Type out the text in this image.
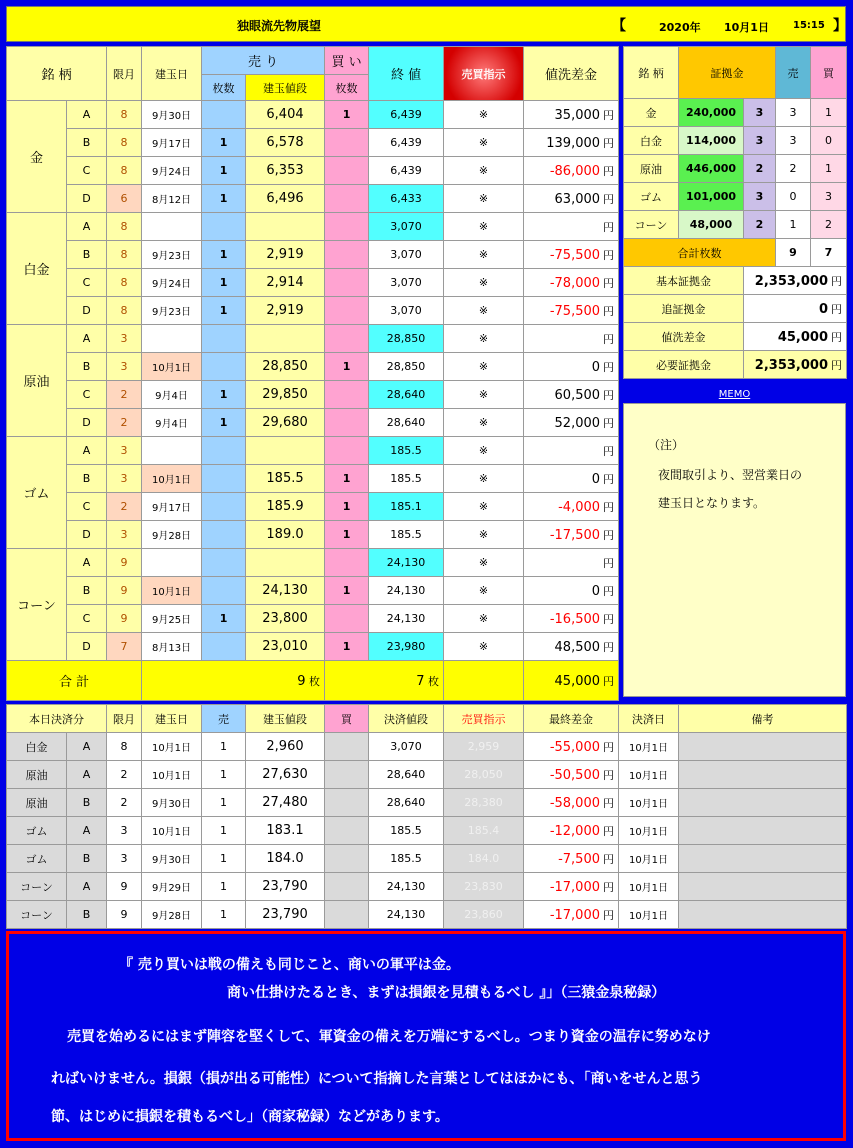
独眼流先物展望	【	2020年 10月1日 15:15 】
銘 柄		限月	建玉日	売 り		買 い	終 値	売買指示	値洗差金
				枚数	建玉値段	枚数			
金	A	8	9月30日		6,404	1	6,439	※	35,000 円
	B	8	9月17日	1	6,578		6,439	※	139,000 円
	C	8	9月24日	1	6,353		6,439	※	-86,000 円
	D	6	8月12日	1	6,496		6,433	※	63,000 円
白金	A	8					3,070	※	円
	B	8	9月23日	1	2,919		3,070	※	-75,500 円
	C	8	9月24日	1	2,914		3,070	※	-78,000 円
	D	8	9月23日	1	2,919		3,070	※	-75,500 円
原油	A	3					28,850	※	円
	B	3	10月1日		28,850	1	28,850	※	0 円
	C	2	9月4日	1	29,850		28,640	※	60,500 円
	D	2	9月4日	1	29,680		28,640	※	52,000 円
ゴム	A	3					185.5	※	円
	B	3	10月1日		185.5	1	185.5	※	0 円
	C	2	9月17日		185.9	1	185.1	※	-4,000 円
	D	3	9月28日		189.0	1	185.5	※	-17,500 円
コーン	A	9					24,130	※	円
	B	9	10月1日		24,130	1	24,130	※	0 円
	C	9	9月25日	1	23,800		24,130	※	-16,500 円
	D	7	8月13日		23,010	1	23,980	※	48,500 円
合 計			9 枚			7 枚			45,000 円
銘 柄	証拠金		売	買
金	240,000	3	3	1
白金	114,000	3	3	0
原油	446,000	2	2	1
ゴム	101,000	3	0	3
コーン	48,000	2	1	2
合計枚数			9	7
基本証拠金		2,353,000 円		
追証拠金		0 円		
値洗差金		45,000 円		
必要証拠金		2,353,000 円		
MEMO
（注）
夜間取引より、翌営業日の
建玉日となります。
本日決済分		限月	建玉日	売	建玉値段	買	決済値段	売買指示	最終差金	決済日	備考
白金	A	8	10月1日	1	2,960		3,070	2,959	-55,000 円	10月1日	
原油	A	2	10月1日	1	27,630		28,640	28,050	-50,500 円	10月1日	
原油	B	2	9月30日	1	27,480		28,640	28,380	-58,000 円	10月1日	
ゴム	A	3	10月1日	1	183.1		185.5	185.4	-12,000 円	10月1日	
ゴム	B	3	9月30日	1	184.0		185.5	184.0	-7,500 円	10月1日	
コーン	A	9	9月29日	1	23,790		24,130	23,830	-17,000 円	10月1日	
コーン	B	9	9月28日	1	23,790		24,130	23,860	-17,000 円	10月1日	
『 売り買いは戦の備えも同じこと、商いの軍平は金。
商い仕掛けたるとき、まずは損銀を見積もるべし 』」（三猿金泉秘録）
売買を始めるにはまず陣容を堅くして、軍資金の備えを万端にするべし。つまり資金の温存に努めなけ
ればいけません。損銀（損が出る可能性）について指摘した言葉としてはほかにも、「商いをせんと思う
節、はじめに損銀を積もるべし」（商家秘録）などがあります。
